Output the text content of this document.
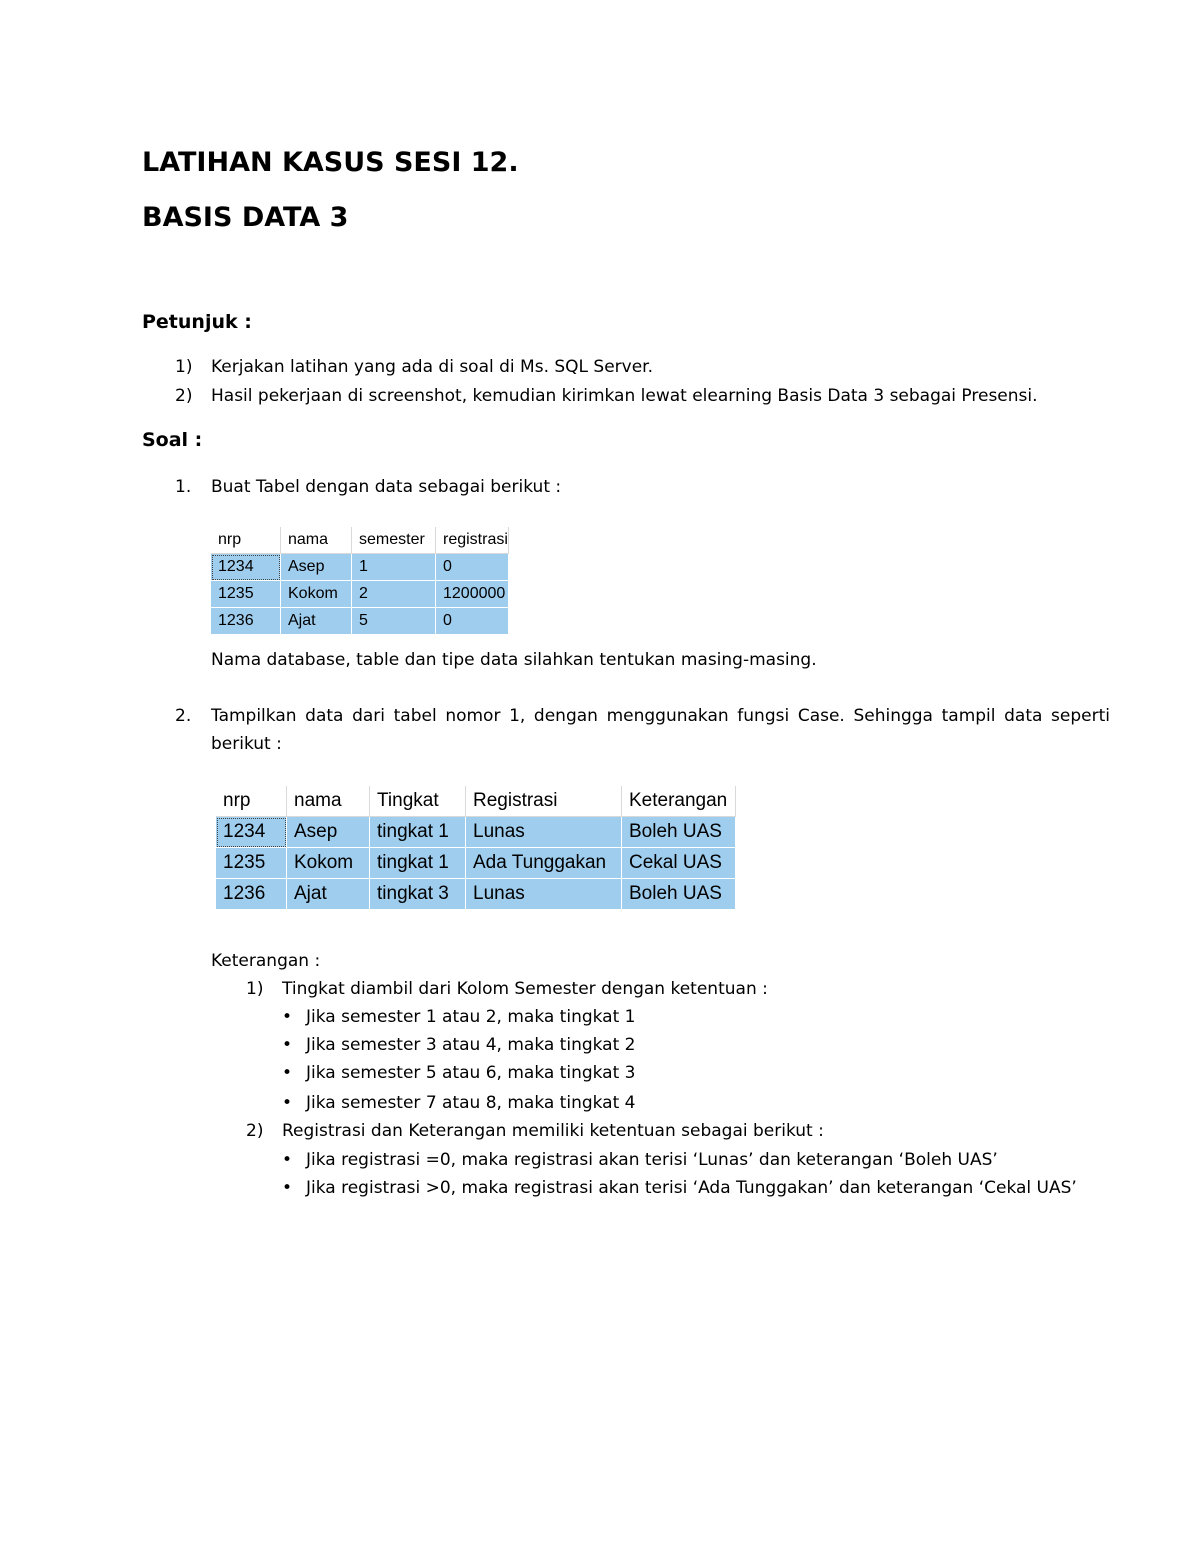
LATIHAN KASUS SESI 12.
BASIS DATA 3
Petunjuk :
1) Kerjakan latihan yang ada di soal di Ms. SQL Server.
2) Hasil pekerjaan di screenshot, kemudian kirimkan lewat elearning Basis Data 3 sebagai Presensi.
Soal :
1. Buat Tabel dengan data sebagai berikut :
nrp	nama	semester	registrasi
1234	Asep	1	0
1235	Kokom	2	1200000
1236	Ajat	5	0
Nama database, table dan tipe data silahkan tentukan masing-masing.
2. Tampilkan data dari tabel nomor 1, dengan menggunakan fungsi Case. Sehingga tampil data seperti
berikut :
nrp	nama	Tingkat	Registrasi	Keterangan
1234	Asep	tingkat 1	Lunas	Boleh UAS
1235	Kokom	tingkat 1	Ada Tunggakan	Cekal UAS
1236	Ajat	tingkat 3	Lunas	Boleh UAS
Keterangan :
1) Tingkat diambil dari Kolom Semester dengan ketentuan :
• Jika semester 1 atau 2, maka tingkat 1
• Jika semester 3 atau 4, maka tingkat 2
• Jika semester 5 atau 6, maka tingkat 3
• Jika semester 7 atau 8, maka tingkat 4
2) Registrasi dan Keterangan memiliki ketentuan sebagai berikut :
• Jika registrasi =0, maka registrasi akan terisi ‘Lunas’ dan keterangan ‘Boleh UAS’
• Jika registrasi >0, maka registrasi akan terisi ‘Ada Tunggakan’ dan keterangan ‘Cekal UAS’
